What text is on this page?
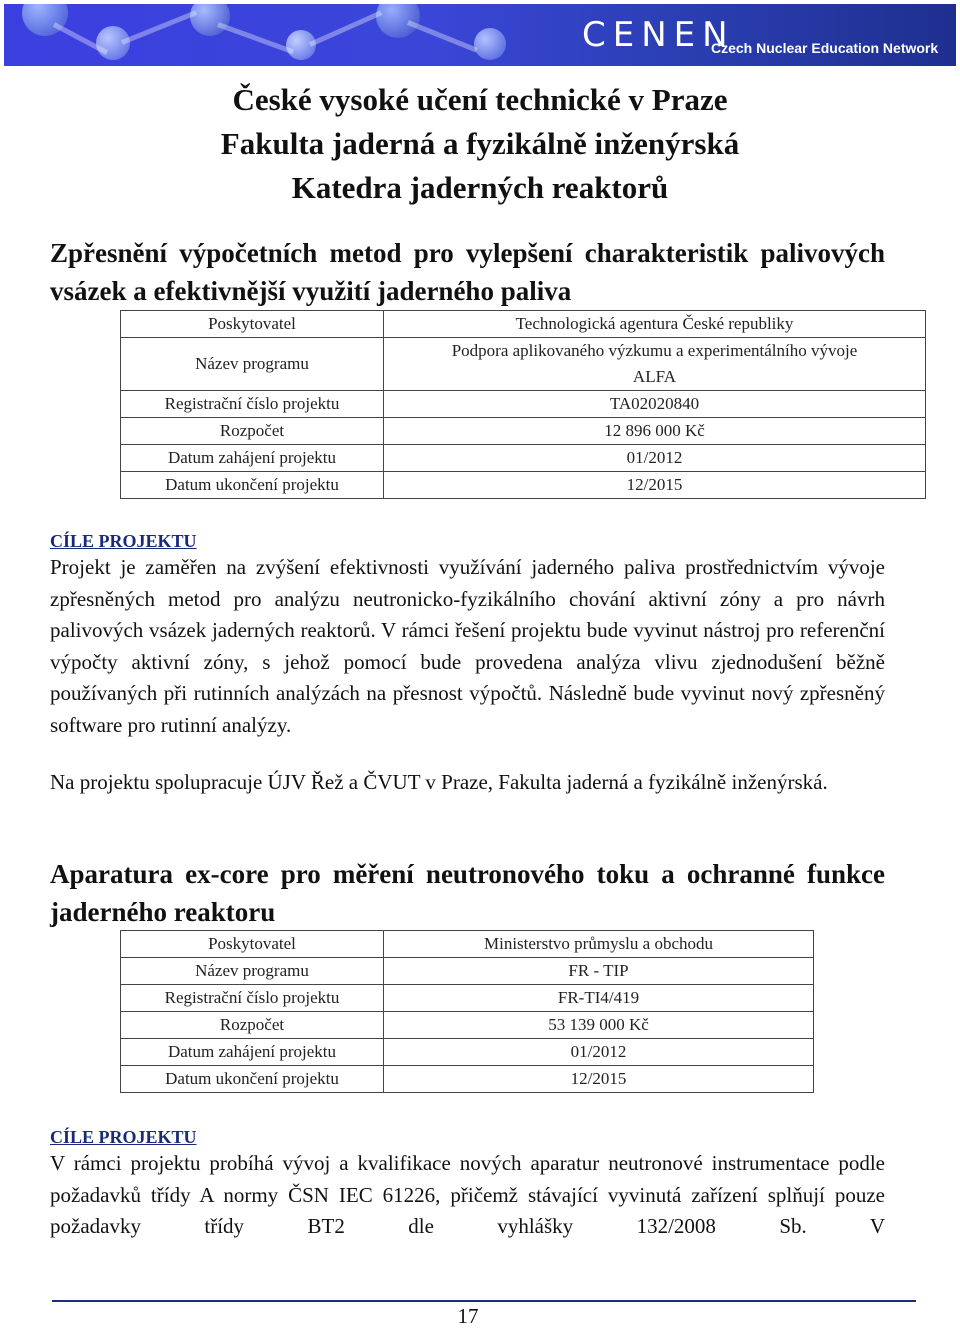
CENEN
Czech Nuclear Education Network
České vysoké učení technické v Praze
Fakulta jaderná a fyzikálně inženýrská
Katedra jaderných reaktorů
Zpřesnění výpočetních metod pro vylepšení charakteristik palivových vsázek a efektivnější využití jaderného paliva
Poskytovatel	Technologická agentura České republiky
Název programu	Podpora aplikovaného výzkumu a experimentálního vývoje ALFA
Registrační číslo projektu	TA02020840
Rozpočet	12 896 000 Kč
Datum zahájení projektu	01/2012
Datum ukončení projektu	12/2015
CÍLE PROJEKTU
Projekt je zaměřen na zvýšení efektivnosti využívání jaderného paliva prostřednictvím vývoje zpřesněných metod pro analýzu neutronicko-fyzikálního chování aktivní zóny a pro návrh palivových vsázek jaderných reaktorů. V rámci řešení projektu bude vyvinut nástroj pro referenční výpočty aktivní zóny, s jehož pomocí bude provedena analýza vlivu zjednodušení běžně používaných při rutinních analýzách na přesnost výpočtů. Následně bude vyvinut nový zpřesněný software pro rutinní analýzy.
Na projektu spolupracuje ÚJV Řež a ČVUT v Praze, Fakulta jaderná a fyzikálně inženýrská.
Aparatura ex-core pro měření neutronového toku a ochranné funkce jaderného reaktoru
Poskytovatel	Ministerstvo průmyslu a obchodu
Název programu	FR - TIP
Registrační číslo projektu	FR-TI4/419
Rozpočet	53 139 000 Kč
Datum zahájení projektu	01/2012
Datum ukončení projektu	12/2015
CÍLE PROJEKTU
V rámci projektu probíhá vývoj a kvalifikace nových aparatur neutronové instrumentace podle požadavků třídy A normy ČSN IEC 61226, přičemž stávající vyvinutá zařízení splňují pouze požadavky třídy BT2 dle vyhlášky 132/2008 Sb. V
17
